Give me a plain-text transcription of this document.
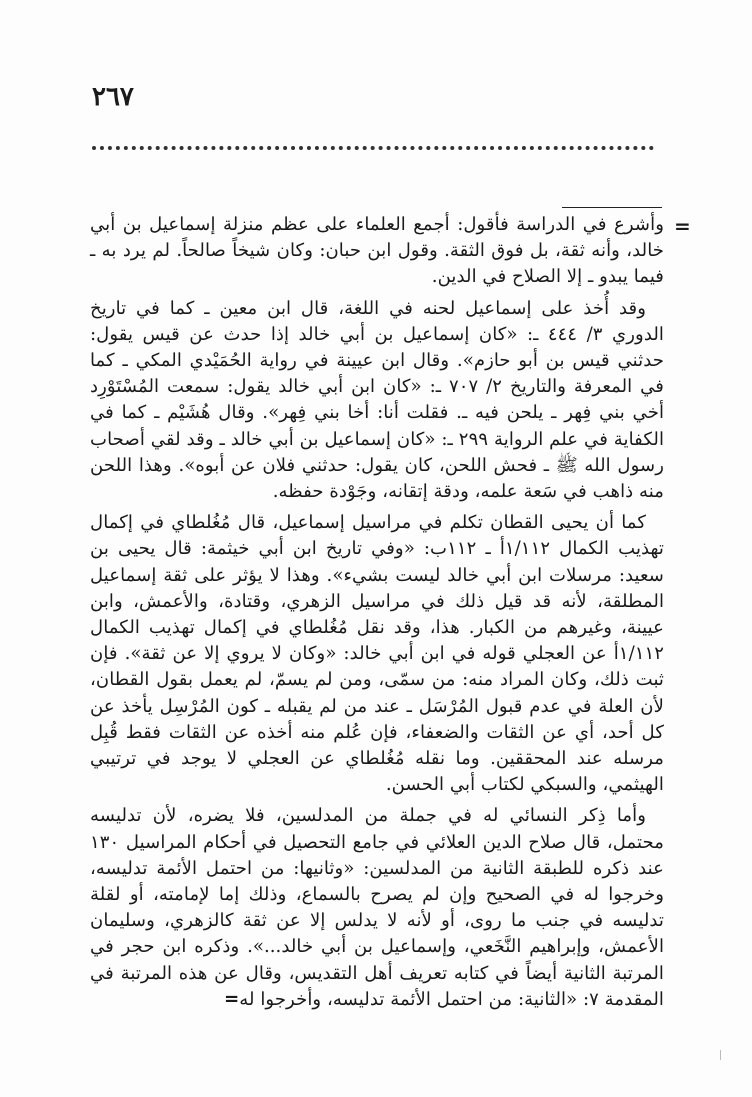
٢٦٧
=

وأشرع في الدراسة فأقول: أجمع العلماء على عظم منزلة إسماعيل بن أبي خالد، وأنه ثقة، بل فوق الثقة. وقول ابن حبان: وكان شيخاً صالحاً. لم يرد به ـ فيما يبدو ـ إلا الصلاح في الدين.

وقد أُخذ على إسماعيل لحنه في اللغة، قال ابن معين ـ كما في تاريخ الدوري ٣/ ٤٤٤ ـ: «كان إسماعيل بن أبي خالد إذا حدث عن قيس يقول: حدثني قيس بن أبو حازم». وقال ابن عيينة في رواية الحُمَيْدي المكي ـ كما في المعرفة والتاريخ ٢/ ٧٠٧ ـ: «كان ابن أبي خالد يقول: سمعت المُسْتَوْرِد أخي بني فِهر ـ يلحن فيه ـ. فقلت أنا: أخا بني فِهر». وقال هُشَيْم ـ كما في الكفاية في علم الرواية ٢٩٩ ـ: «كان إسماعيل بن أبي خالد ـ وقد لقي أصحاب رسول الله ﷺ ـ فحش اللحن، كان يقول: حدثني فلان عن أبوه». وهذا اللحن منه ذاهب في سَعة علمه، ودقة إتقانه، وجَوْدة حفظه.

كما أن يحيى القطان تكلم في مراسيل إسماعيل، قال مُغُلطاي في إكمال تهذيب الكمال ١/١١٢أ ـ ١١٢ب: «وفي تاريخ ابن أبي خيثمة: قال يحيى بن سعيد: مرسلات ابن أبي خالد ليست بشيء». وهذا لا يؤثر على ثقة إسماعيل المطلقة، لأنه قد قيل ذلك في مراسيل الزهري، وقتادة، والأعمش، وابن عيينة، وغيرهم من الكبار. هذا، وقد نقل مُغُلطاي في إكمال تهذيب الكمال ١/١١٢أ عن العجلي قوله في ابن أبي خالد: «وكان لا يروي إلا عن ثقة». فإن ثبت ذلك، وكان المراد منه: من سمّى، ومن لم يسمّ، لم يعمل بقول القطان، لأن العلة في عدم قبول المُرْسَل ـ عند من لم يقبله ـ كون المُرْسِل يأخذ عن كل أحد، أي عن الثقات والضعفاء، فإن عُلم منه أخذه عن الثقات فقط قُبِل مرسله عند المحققين. وما نقله مُغُلطاي عن العجلي لا يوجد في ترتيبي الهيثمي، والسبكي لكتاب أبي الحسن.

وأما ذِكر النسائي له في جملة من المدلسين، فلا يضره، لأن تدليسه محتمل، قال صلاح الدين العلائي في جامع التحصيل في أحكام المراسيل ١٣٠ عند ذكره للطبقة الثانية من المدلسين: «وثانيها: من احتمل الأئمة تدليسه، وخرجوا له في الصحيح وإن لم يصرح بالسماع، وذلك إما لإمامته، أو لقلة تدليسه في جنب ما روى، أو لأنه لا يدلس إلا عن ثقة كالزهري، وسليمان الأعمش، وإبراهيم النَّخَعي، وإسماعيل بن أبي خالد...». وذكره ابن حجر في المرتبة الثانية أيضاً في كتابه تعريف أهل التقديس، وقال عن هذه المرتبة في المقدمة ٧: «الثانية: من احتمل الأئمة تدليسه، وأخرجوا له=
